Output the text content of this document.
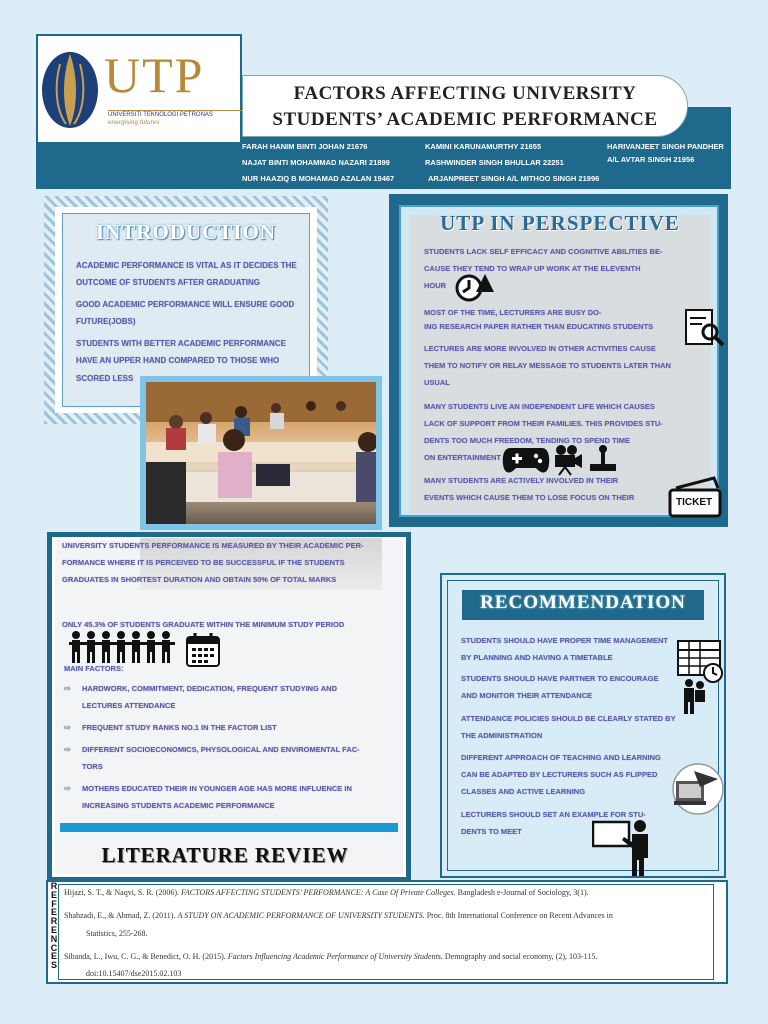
UTP
UNIVERSITI TEKNOLOGI PETRONAS
energising futures
FACTORS AFFECTING UNIVERSITY
STUDENTS’ ACADEMIC PERFORMANCE
FARAH HANIM BINTI JOHAN 21676
NAJAT BINTI MOHAMMAD NAZARI 21899
NUR HAAZIQ B MOHAMAD AZALAN 19467
KAMINI KARUNAMURTHY 21655
RASHWINDER SINGH BHULLAR 22251
ARJANPREET SINGH A/L MITHOO SINGH 21996
HARIVANJEET SINGH PANDHER
A/L AVTAR SINGH 21956
INTRODUCTION
ACADEMIC PERFORMANCE IS VITAL AS IT DECIDES THE
OUTCOME OF STUDENTS AFTER GRADUATING
GOOD ACADEMIC PERFORMANCE WILL ENSURE GOOD
FUTURE(JOBS)
STUDENTS WITH BETTER ACADEMIC PERFORMANCE
HAVE AN UPPER HAND COMPARED TO THOSE WHO
SCORED LESS
UTP IN PERSPECTIVE
STUDENTS LACK SELF EFFICACY AND COGNITIVE ABILITIES BE-
CAUSE THEY TEND TO WRAP UP WORK AT THE ELEVENTH
HOUR
MOST OF THE TIME, LECTURERS ARE BUSY DO-
ING RESEARCH PAPER RATHER THAN EDUCATING STUDENTS
LECTURES ARE MORE INVOLVED IN OTHER ACTIVITIES CAUSE
THEM TO NOTIFY OR RELAY MESSAGE TO STUDENTS LATER THAN
USUAL
MANY STUDENTS LIVE AN INDEPENDENT LIFE WHICH CAUSES
LACK OF SUPPORT FROM THEIR FAMILIES. THIS PROVIDES STU-
DENTS TOO MUCH FREEDOM, TENDING TO SPEND TIME
ON ENTERTAINMENT
MANY STUDENTS ARE ACTIVELY INVOLVED IN THEIR
EVENTS WHICH CAUSE THEM TO LOSE FOCUS ON THEIR	TICKET
UNIVERSITY STUDENTS PERFORMANCE IS MEASURED BY THEIR ACADEMIC PER-
FORMANCE WHERE IT IS PERCEIVED TO BE SUCCESSFUL IF THE STUDENTS
GRADUATES IN SHORTEST DURATION AND OBTAIN 50% OF TOTAL MARKS
ONLY 45.3% OF STUDENTS GRADUATE WITHIN THE MINIMUM STUDY PERIOD
MAIN FACTORS:
⇨ HARDWORK, COMMITMENT, DEDICATION, FREQUENT STUDYING AND
LECTURES ATTENDANCE
⇨ FREQUENT STUDY RANKS NO.1 IN THE FACTOR LIST
⇨ DIFFERENT SOCIOECONOMICS, PHYSOLOGICAL AND ENVIROMENTAL FAC-
TORS
⇨ MOTHERS EDUCATED THEIR IN YOUNGER AGE HAS MORE INFLUENCE IN
INCREASING STUDENTS ACADEMIC PERFORMANCE
LITERATURE REVIEW
RECOMMENDATION
STUDENTS SHOULD HAVE PROPER TIME MANAGEMENT
BY PLANNING AND HAVING A TIMETABLE
STUDENTS SHOULD HAVE PARTNER TO ENCOURAGE
AND MONITOR THEIR ATTENDANCE
ATTENDANCE POLICIES SHOULD BE CLEARLY STATED BY
THE ADMINISTRATION
DIFFERENT APPROACH OF TEACHING AND LEARNING
CAN BE ADAPTED BY LECTURERS SUCH AS FLIPPED
CLASSES AND ACTIVE LEARNING
LECTURERS SHOULD SET AN EXAMPLE FOR STU-
DENTS TO MEET
REFERENCES
Hijazi, S. T., & Naqvi, S. R. (2006). FACTORS AFFECTING STUDENTS’ PERFORMANCE: A Case Of Private Colleges. Bangladesh e-Journal of Sociology, 3(1).
Shahzadi, E., & Ahmad, Z. (2011). A STUDY ON ACADEMIC PERFORMANCE OF UNIVERSITY STUDENTS. Proc. 8th International Conference on Recent Advances in
Statistics, 255-268.
Sibanda, L., Iwu, C. G., & Benedict, O. H. (2015). Factors Influencing Academic Performance of University Students. Demography and social economy, (2), 103-115.
doi:10.15407/dse2015.02.103
